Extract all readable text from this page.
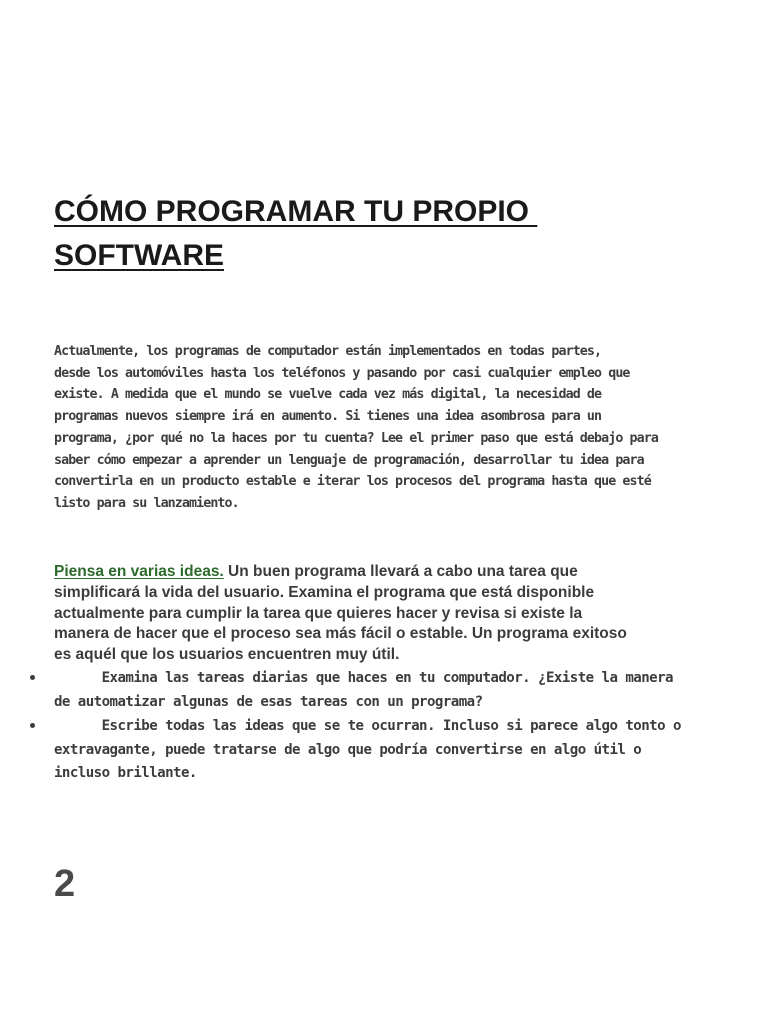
CÓMO PROGRAMAR TU PROPIO
SOFTWARE

Actualmente, los programas de computador están implementados en todas partes,
desde los automóviles hasta los teléfonos y pasando por casi cualquier empleo que
existe. A medida que el mundo se vuelve cada vez más digital, la necesidad de
programas nuevos siempre irá en aumento. Si tienes una idea asombrosa para un
programa, ¿por qué no la haces por tu cuenta? Lee el primer paso que está debajo para
saber cómo empezar a aprender un lenguaje de programación, desarrollar tu idea para
convertirla en un producto estable e iterar los procesos del programa hasta que esté
listo para su lanzamiento.

Piensa en varias ideas. Un buen programa llevará a cabo una tarea que
simplificará la vida del usuario. Examina el programa que está disponible
actualmente para cumplir la tarea que quieres hacer y revisa si existe la
manera de hacer que el proceso sea más fácil o estable. Un programa exitoso
es aquél que los usuarios encuentren muy útil.

Examina las tareas diarias que haces en tu computador. ¿Existe la manera
de automatizar algunas de esas tareas con un programa?
Escribe todas las ideas que se te ocurran. Incluso si parece algo tonto o
extravagante, puede tratarse de algo que podría convertirse en algo útil o
incluso brillante.
2
